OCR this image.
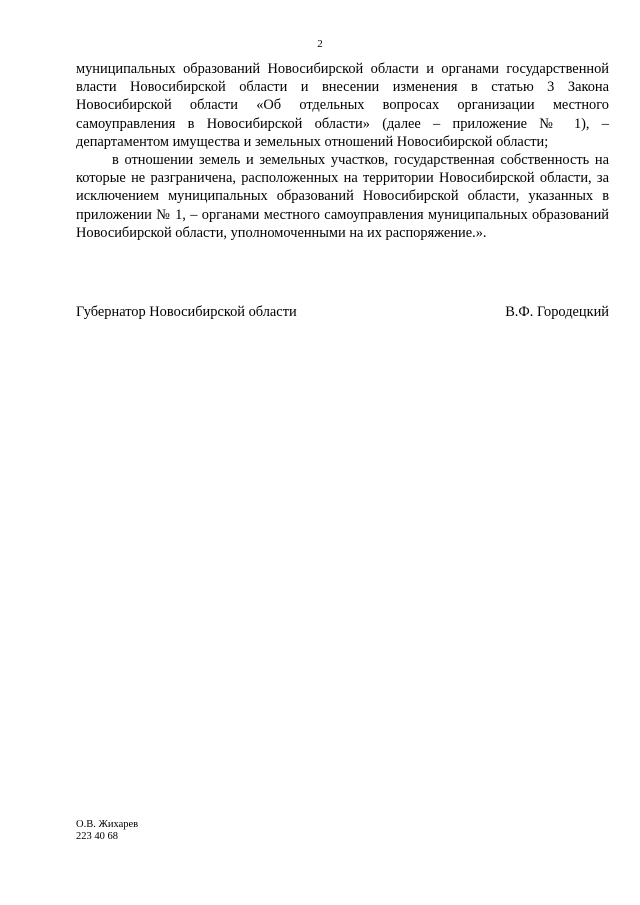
2

муниципальных образований Новосибирской области и органами государственной власти Новосибирской области и внесении изменения в статью 3 Закона Новосибирской области «Об отдельных вопросах организации местного самоуправления в Новосибирской области» (далее – приложение № 1), – департаментом имущества и земельных отношений Новосибирской области;

в отношении земель и земельных участков, государственная собственность на которые не разграничена, расположенных на территории Новосибирской области, за исключением муниципальных образований Новосибирской области, указанных в приложении № 1, – органами местного самоуправления муниципальных образований Новосибирской области, уполномоченными на их распоряжение.».

Губернатор Новосибирской области	В.Ф. Городецкий
О.В. Жихарев
223 40 68
